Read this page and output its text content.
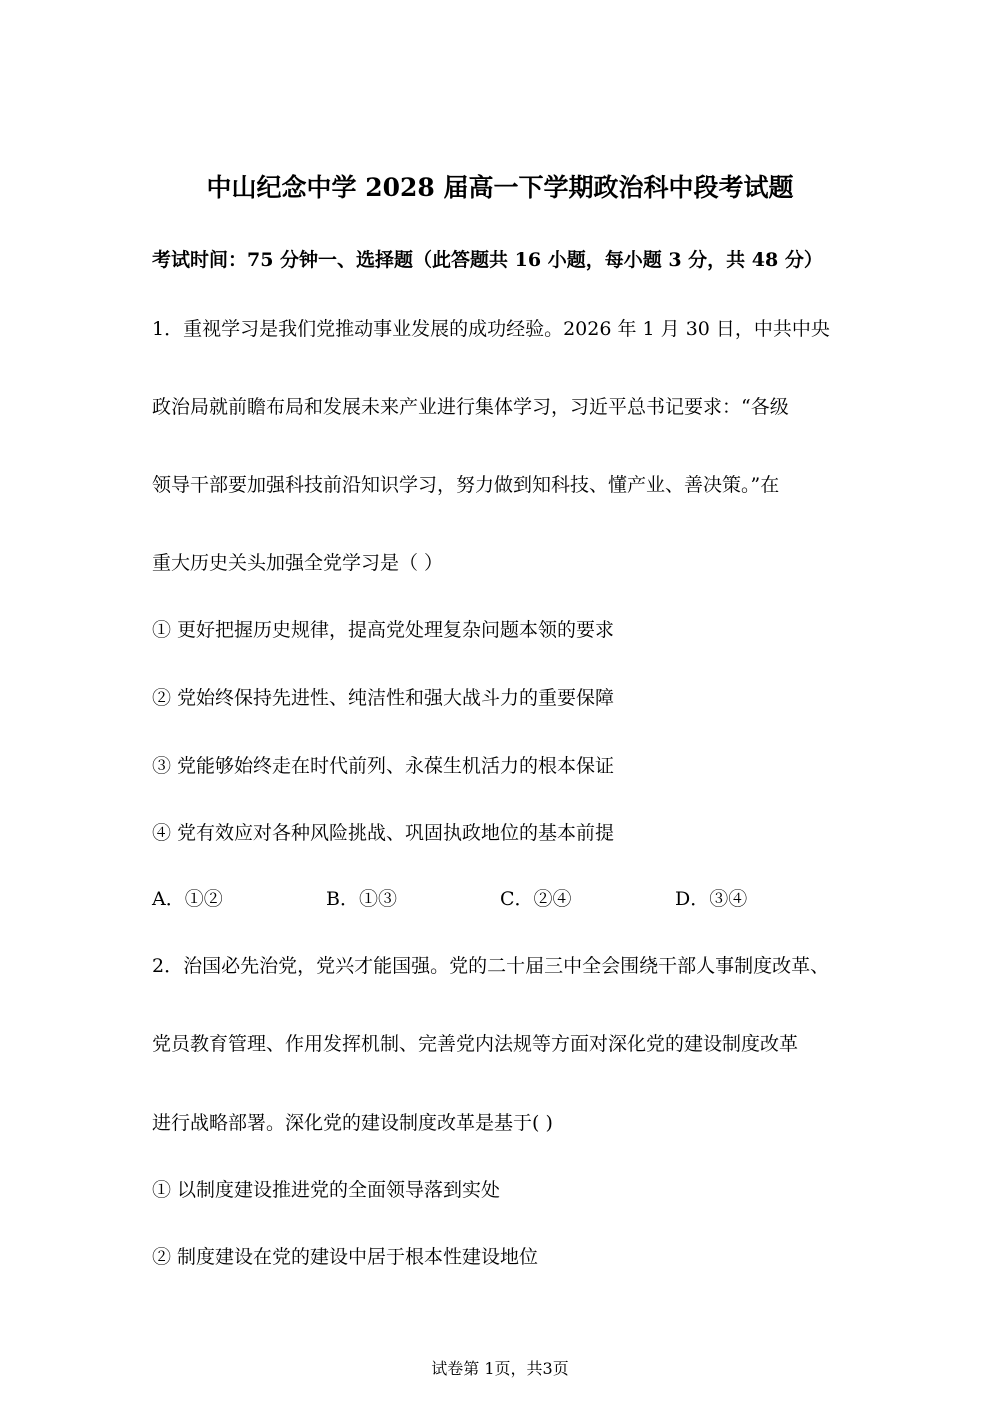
中山纪念中学 2028 届高一下学期政治科中段考试题
考试时间：75 分钟一、选择题（此答题共 16 小题，每小题 3 分，共 48 分）
1．重视学习是我们党推动事业发展的成功经验。2026 年 1 月 30 日，中共中央
政治局就前瞻布局和发展未来产业进行集体学习，习近平总书记要求：“各级
领导干部要加强科技前沿知识学习，努力做到知科技、懂产业、善决策。”在
重大历史关头加强全党学习是（ ）
① 更好把握历史规律，提高党处理复杂问题本领的要求
② 党始终保持先进性、纯洁性和强大战斗力的重要保障
③ 党能够始终走在时代前列、永葆生机活力的根本保证
④ 党有效应对各种风险挑战、巩固执政地位的基本前提
A．①②	B．①③	C．②④	D．③④
2．治国必先治党，党兴才能国强。党的二十届三中全会围绕干部人事制度改革、
党员教育管理、作用发挥机制、完善党内法规等方面对深化党的建设制度改革
进行战略部署。深化党的建设制度改革是基于( )
① 以制度建设推进党的全面领导落到实处
② 制度建设在党的建设中居于根本性建设地位
试卷第 1页，共3页
